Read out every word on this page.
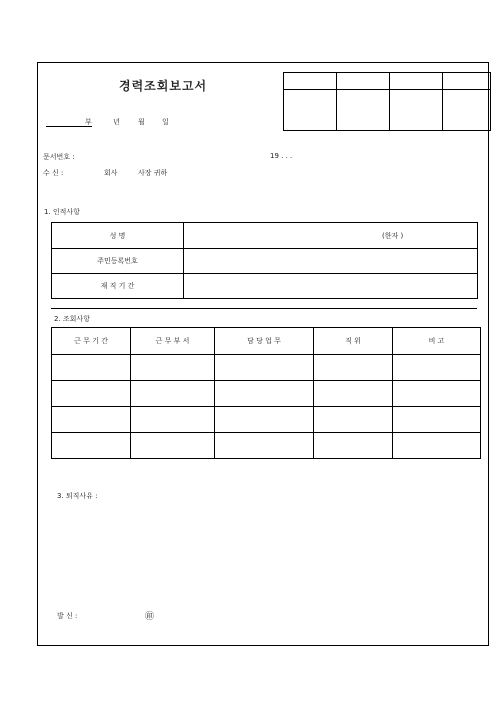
경력조회보고서

부	년	월 일
문서번호 :	19 . . .
수 신 :	회사	사장 귀하
1. 인적사항
성 명	(한자 )
주민등록번호	
재 직 기 간	
2. 조회사항
근 무 기 간	근 무 부 서	담 당 업 무	직 위	비 고

3. 퇴직사유 :
발 신 :	㊞
